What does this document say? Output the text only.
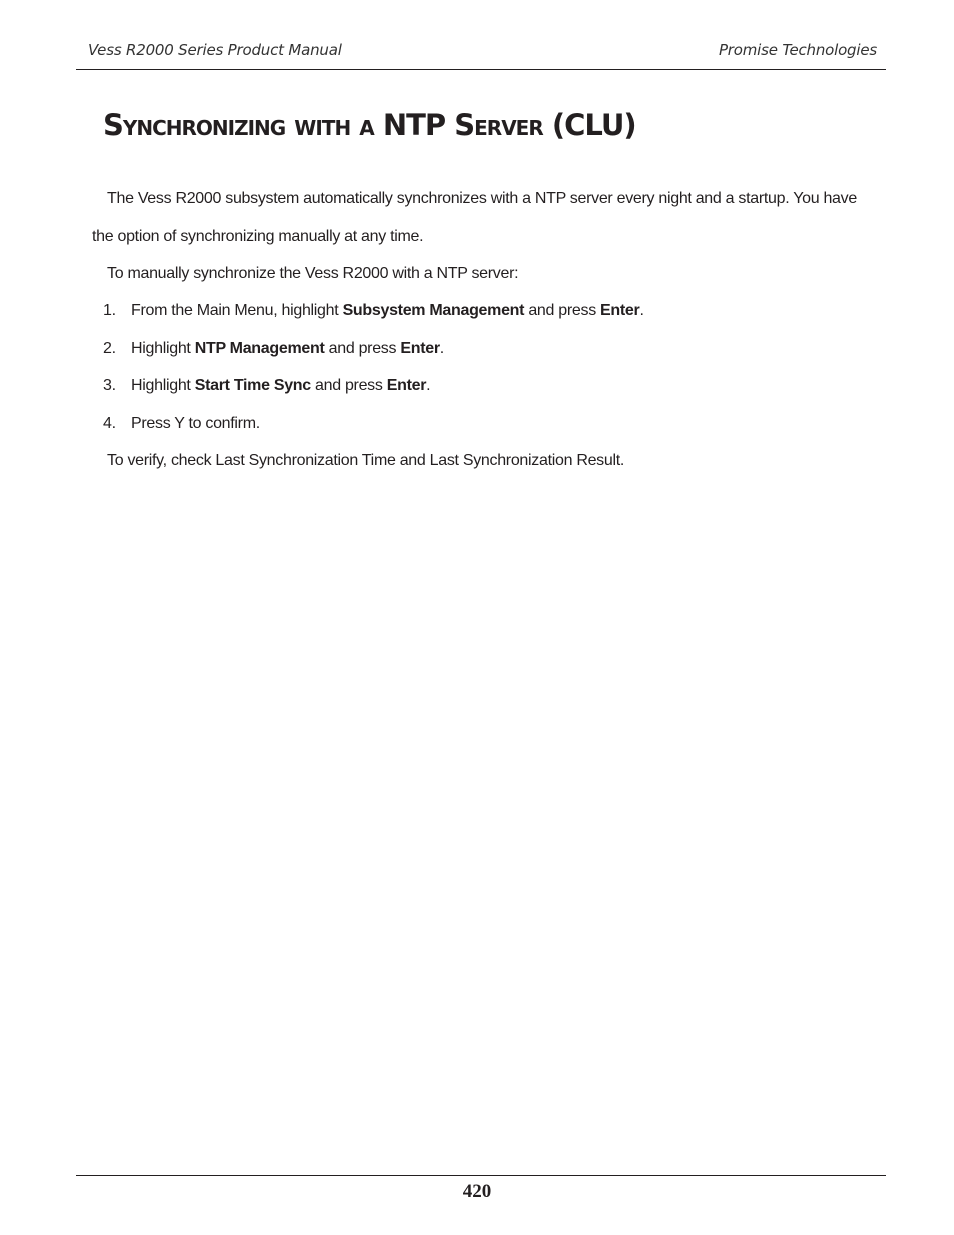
Vess R2000 Series Product Manual	Promise Technologies
Synchronizing with a NTP Server (CLU)

The Vess R2000 subsystem automatically synchronizes with a NTP server every night and a startup. You have

the option of synchronizing manually at any time.

To manually synchronize the Vess R2000 with a NTP server:

1. From the Main Menu, highlight Subsystem Management and press Enter.
2. Highlight NTP Management and press Enter.
3. Highlight Start Time Sync and press Enter.
4. Press Y to confirm.

To verify, check Last Synchronization Time and Last Synchronization Result.

420
